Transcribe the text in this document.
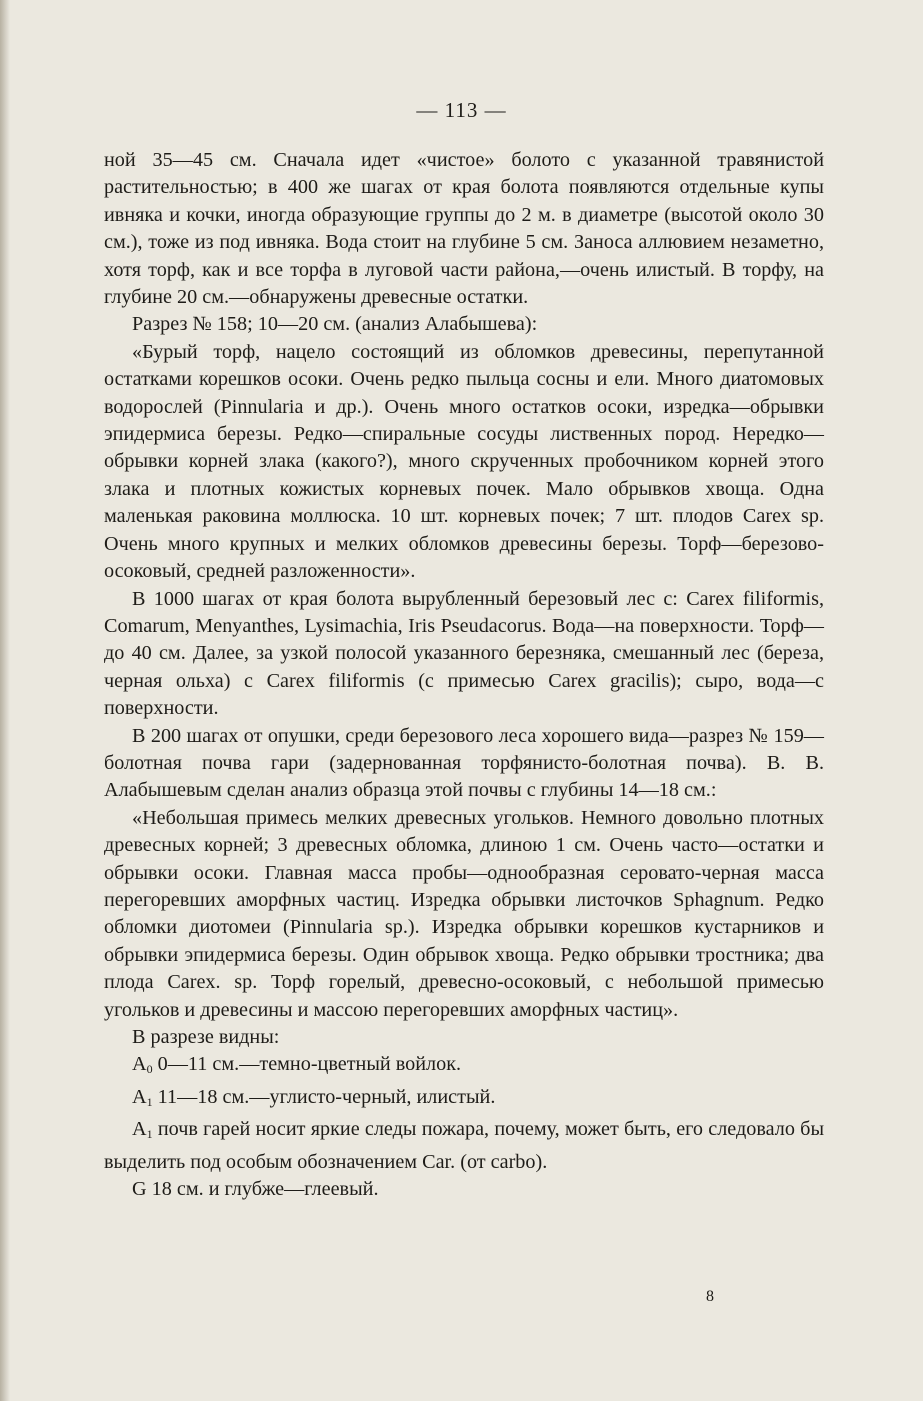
— 113 —

ной 35—45 см. Сначала идет «чистое» болото с указанной травянистой растительностью; в 400 же шагах от края болота появляются отдельные купы ивняка и кочки, иногда образующие группы до 2 м. в диаметре (высотой около 30 см.), тоже из под ивняка. Вода стоит на глубине 5 см. Заноса аллювием незаметно, хотя торф, как и все торфа в луговой части района,—очень илистый. В торфу, на глубине 20 см.—обнаружены древесные остатки.

Разрез № 158; 10—20 см. (анализ Алабышева):

«Бурый торф, нацело состоящий из обломков древесины, перепутанной остатками корешков осоки. Очень редко пыльца сосны и ели. Много диатомовых водорослей (Pinnularia и др.). Очень много остатков осоки, изредка—обрывки эпидермиса березы. Редко—спиральные сосуды лиственных пород. Нередко—обрывки корней злака (какого?), много скрученных пробочником корней этого злака и плотных кожистых корневых почек. Мало обрывков хвоща. Одна маленькая раковина моллюска. 10 шт. корневых почек; 7 шт. плодов Carex sp. Очень много крупных и мелких обломков древесины березы. Торф—березово-осоковый, средней разложенности».

В 1000 шагах от края болота вырубленный березовый лес с: Carex filiformis, Comarum, Menyanthes, Lysimachia, Iris Pseudacorus. Вода—на поверхности. Торф—до 40 см. Далее, за узкой полосой указанного березняка, смешанный лес (береза, черная ольха) с Carex filiformis (с примесью Carex gracilis); сыро, вода—с поверхности.

В 200 шагах от опушки, среди березового леса хорошего вида—разрез № 159—болотная почва гари (задернованная торфянисто-болотная почва). В. В. Алабышевым сделан анализ образца этой почвы с глубины 14—18 см.:

«Небольшая примесь мелких древесных угольков. Немного довольно плотных древесных корней; 3 древесных обломка, длиною 1 см. Очень часто—остатки и обрывки осоки. Главная масса пробы—однообразная серовато-черная масса перегоревших аморфных частиц. Изредка обрывки листочков Sphagnum. Редко обломки диотомеи (Pinnularia sp.). Изредка обрывки корешков кустарников и обрывки эпидермиса березы. Один обрывок хвоща. Редко обрывки тростника; два плода Carex. sp. Торф горелый, древесно-осоковый, с небольшой примесью угольков и древесины и массою перегоревших аморфных частиц».

В разрезе видны:

$A_0$ 0—11 см.—темно-цветный войлок.

$A_1$ 11—18 см.—углисто-черный, илистый.

$A_1$ почв гарей носит яркие следы пожара, почему, может быть, его следовало бы выделить под особым обозначением Car. (от carbo).

G 18 см. и глубже—глеевый.

8
